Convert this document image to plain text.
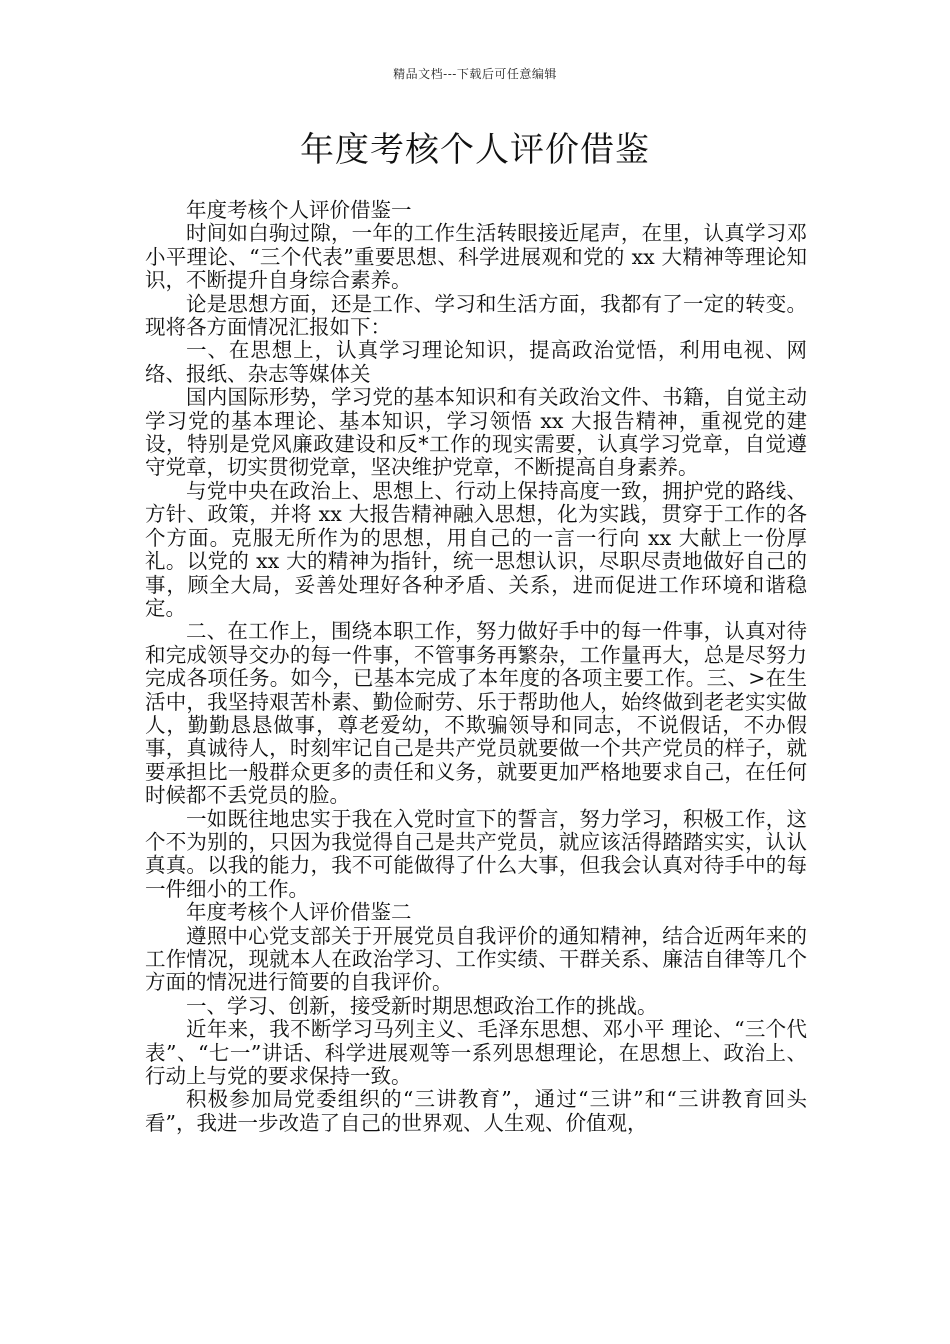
精品文档---下载后可任意编辑
年度考核个人评价借鉴

年度考核个人评价借鉴一

时间如白驹过隙，一年的工作生活转眼接近尾声，在里，认真学习邓小平理论、“三个代表”重要思想、科学进展观和党的 xx 大精神等理论知识，不断提升自身综合素养。

论是思想方面，还是工作、学习和生活方面，我都有了一定的转变。现将各方面情况汇报如下：

一、在思想上，认真学习理论知识，提高政治觉悟，利用电视、网络、报纸、杂志等媒体关

国内国际形势，学习党的基本知识和有关政治文件、书籍，自觉主动学习党的基本理论、基本知识，学习领悟 xx 大报告精神，重视党的建设，特别是党风廉政建设和反*工作的现实需要，认真学习党章，自觉遵守党章，切实贯彻党章，坚决维护党章，不断提高自身素养。

与党中央在政治上、思想上、行动上保持高度一致，拥护党的路线、方针、政策，并将 xx 大报告精神融入思想，化为实践，贯穿于工作的各个方面。克服无所作为的思想，用自己的一言一行向 xx 大献上一份厚礼。以党的 xx 大的精神为指针，统一思想认识，尽职尽责地做好自己的事，顾全大局，妥善处理好各种矛盾、关系，进而促进工作环境和谐稳定。

二、在工作上，围绕本职工作，努力做好手中的每一件事，认真对待和完成领导交办的每一件事，不管事务再繁杂，工作量再大，总是尽努力完成各项任务。如今，已基本完成了本年度的各项主要工作。三、>在生活中，我坚持艰苦朴素、勤俭耐劳、乐于帮助他人，始终做到老老实实做人，勤勤恳恳做事，尊老爱幼，不欺骗领导和同志，不说假话，不办假事，真诚待人，时刻牢记自己是共产党员就要做一个共产党员的样子，就要承担比一般群众更多的责任和义务，就要更加严格地要求自己，在任何时候都不丢党员的脸。

一如既往地忠实于我在入党时宣下的誓言，努力学习，积极工作，这个不为别的，只因为我觉得自己是共产党员，就应该活得踏踏实实，认认真真。以我的能力，我不可能做得了什么大事，但我会认真对待手中的每一件细小的工作。

年度考核个人评价借鉴二

遵照中心党支部关于开展党员自我评价的通知精神，结合近两年来的工作情况，现就本人在政治学习、工作实绩、干群关系、廉洁自律等几个方面的情况进行简要的自我评价。

一、学习、创新，接受新时期思想政治工作的挑战。

近年来，我不断学习马列主义、毛泽东思想、邓小平 理论、“三个代表”、“七一”讲话、科学进展观等一系列思想理论，在思想上、政治上、行动上与党的要求保持一致。

积极参加局党委组织的“三讲教育”，通过“三讲”和“三讲教育回头看”，我进一步改造了自己的世界观、人生观、价值观，
